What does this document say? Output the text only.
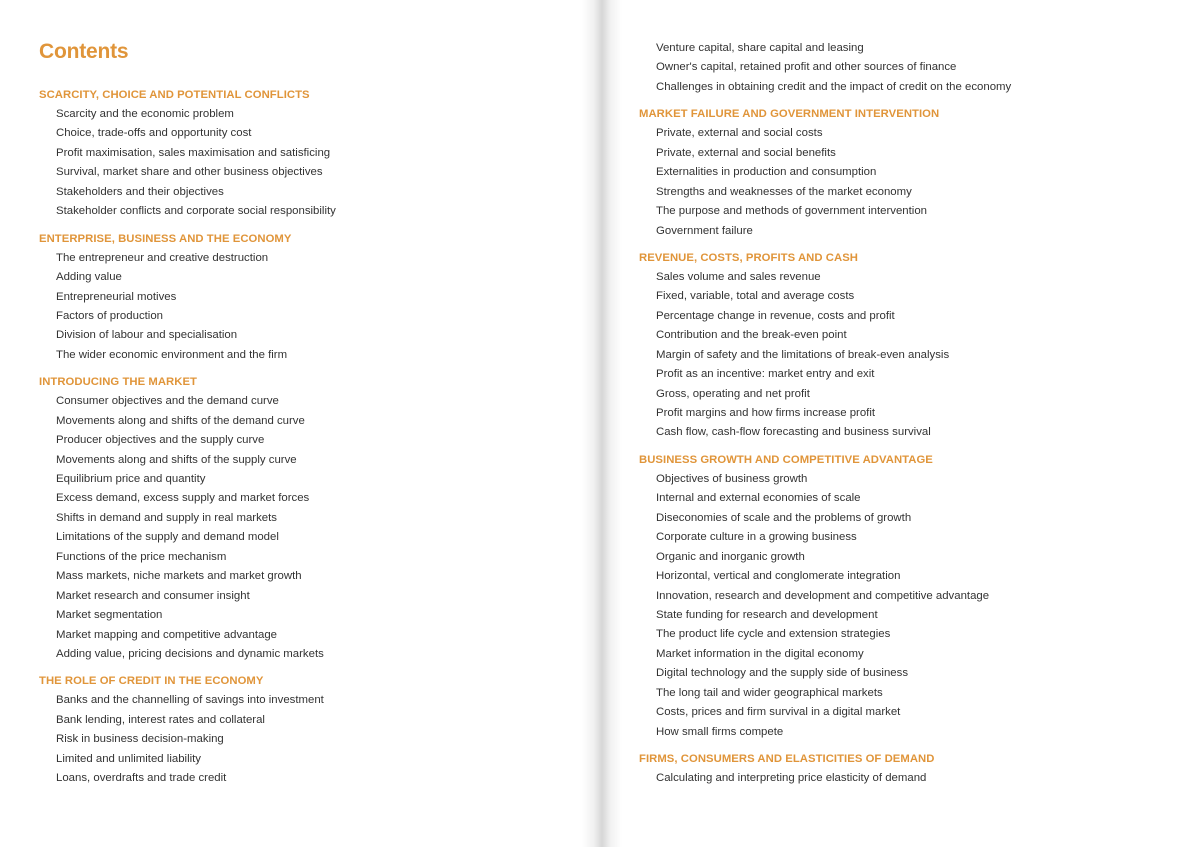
Contents
SCARCITY, CHOICE AND POTENTIAL CONFLICTS
Scarcity and the economic problem
Choice, trade-offs and opportunity cost
Profit maximisation, sales maximisation and satisficing
Survival, market share and other business objectives
Stakeholders and their objectives
Stakeholder conflicts and corporate social responsibility
ENTERPRISE, BUSINESS AND THE ECONOMY
The entrepreneur and creative destruction
Adding value
Entrepreneurial motives
Factors of production
Division of labour and specialisation
The wider economic environment and the firm
INTRODUCING THE MARKET
Consumer objectives and the demand curve
Movements along and shifts of the demand curve
Producer objectives and the supply curve
Movements along and shifts of the supply curve
Equilibrium price and quantity
Excess demand, excess supply and market forces
Shifts in demand and supply in real markets
Limitations of the supply and demand model
Functions of the price mechanism
Mass markets, niche markets and market growth
Market research and consumer insight
Market segmentation
Market mapping and competitive advantage
Adding value, pricing decisions and dynamic markets
THE ROLE OF CREDIT IN THE ECONOMY
Banks and the channelling of savings into investment
Bank lending, interest rates and collateral
Risk in business decision-making
Limited and unlimited liability
Loans, overdrafts and trade credit
Venture capital, share capital and leasing
Owner's capital, retained profit and other sources of finance
Challenges in obtaining credit and the impact of credit on the economy
MARKET FAILURE AND GOVERNMENT INTERVENTION
Private, external and social costs
Private, external and social benefits
Externalities in production and consumption
Strengths and weaknesses of the market economy
The purpose and methods of government intervention
Government failure
REVENUE, COSTS, PROFITS AND CASH
Sales volume and sales revenue
Fixed, variable, total and average costs
Percentage change in revenue, costs and profit
Contribution and the break-even point
Margin of safety and the limitations of break-even analysis
Profit as an incentive: market entry and exit
Gross, operating and net profit
Profit margins and how firms increase profit
Cash flow, cash-flow forecasting and business survival
BUSINESS GROWTH AND COMPETITIVE ADVANTAGE
Objectives of business growth
Internal and external economies of scale
Diseconomies of scale and the problems of growth
Corporate culture in a growing business
Organic and inorganic growth
Horizontal, vertical and conglomerate integration
Innovation, research and development and competitive advantage
State funding for research and development
The product life cycle and extension strategies
Market information in the digital economy
Digital technology and the supply side of business
The long tail and wider geographical markets
Costs, prices and firm survival in a digital market
How small firms compete
FIRMS, CONSUMERS AND ELASTICITIES OF DEMAND
Calculating and interpreting price elasticity of demand
